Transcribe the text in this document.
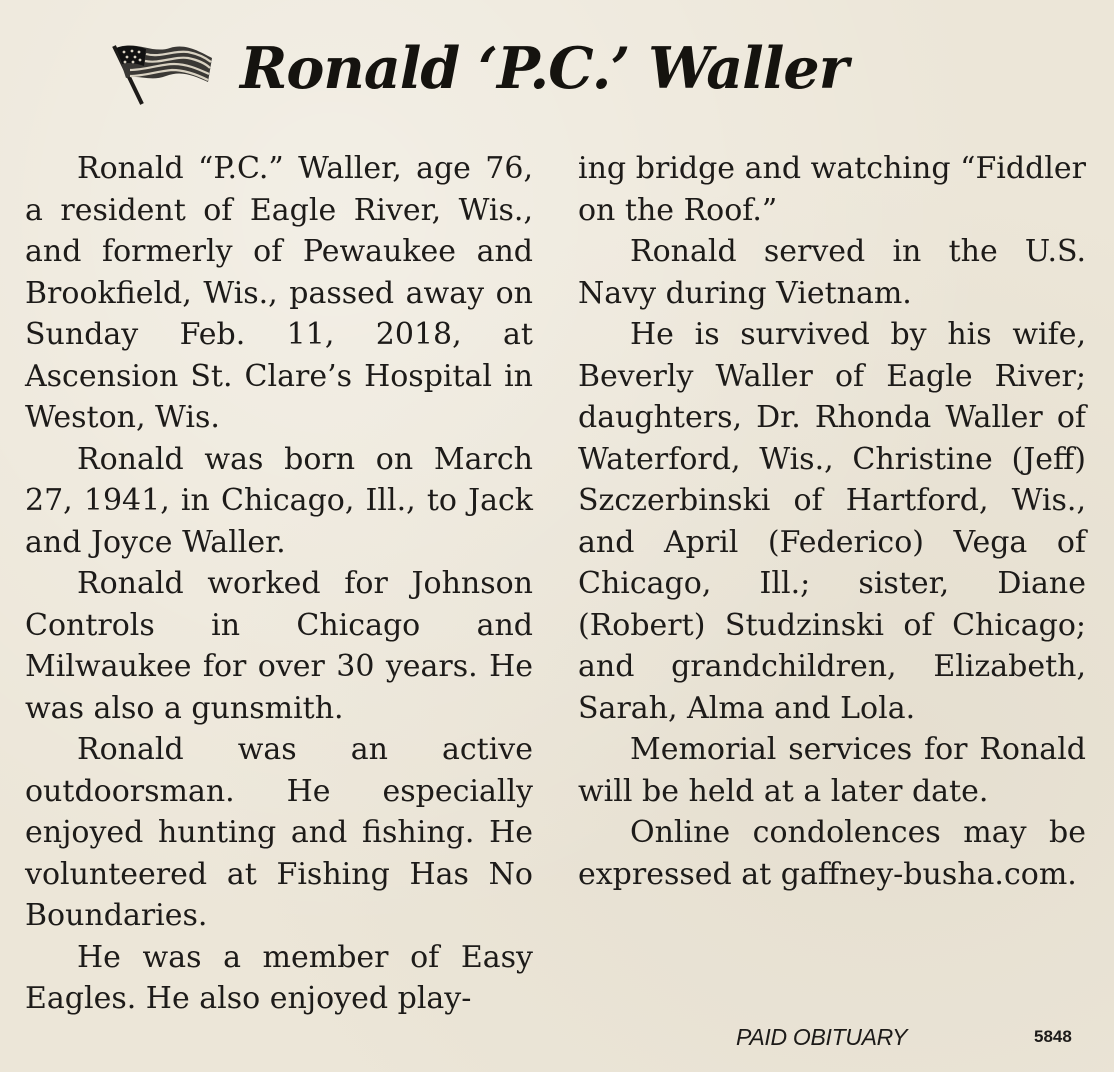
Ronald ‘P.C.’ Waller

Ronald “P.C.” Waller, age 76, a resident of Eagle River, Wis., and formerly of Pewaukee and Brookfield, Wis., passed away on Sunday Feb. 11, 2018, at Ascension St. Clare’s Hospital in Weston, Wis.

Ronald was born on March 27, 1941, in Chicago, Ill., to Jack and Joyce Waller.

Ronald worked for Johnson Controls in Chicago and Milwaukee for over 30 years. He was also a gunsmith.

Ronald was an active outdoorsman. He especially enjoyed hunting and fishing. He volunteered at Fishing Has No Boundaries.

He was a member of Easy Eagles. He also enjoyed play-

ing bridge and watching “Fiddler on the Roof.”

Ronald served in the U.S. Navy during Vietnam.

He is survived by his wife, Beverly Waller of Eagle River; daughters, Dr. Rhonda Waller of Waterford, Wis., Christine (Jeff) Szczerbinski of Hartford, Wis., and April (Federico) Vega of Chicago, Ill.; sister, Diane (Robert) Studzinski of Chicago; and grandchildren, Elizabeth, Sarah, Alma and Lola.

Memorial services for Ronald will be held at a later date.

Online condolences may be expressed at gaffney-busha.com.

PAID OBITUARY	5848
